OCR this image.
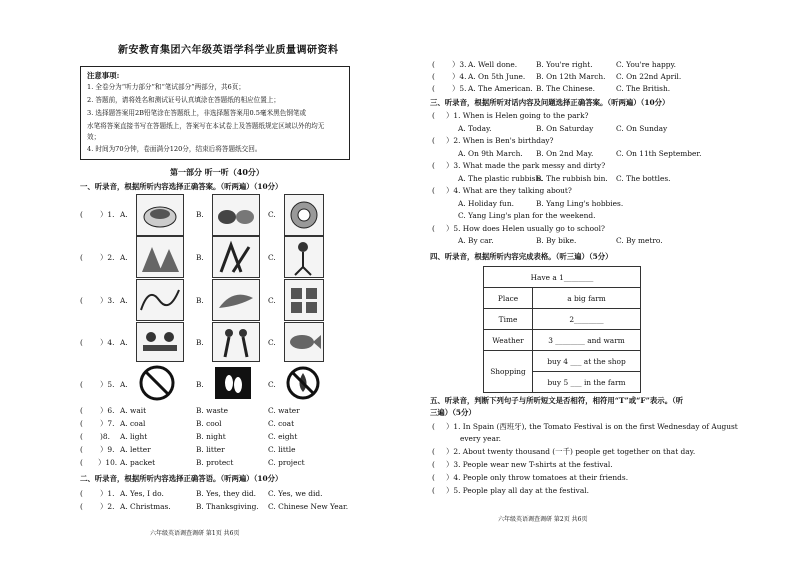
新安教育集团六年级英语学科学业质量调研资料
注意事项:
1. 全卷分为“听力部分”和“笔试部分”两部分，共6页；
2. 答题前，请将姓名和测试证号认真填涂在答题纸的相应位置上；
3. 选择题答案用2B铅笔涂在答题纸上，非选择题答案用0.5毫米黑色钢笔或
水笔将答案直接书写在答题纸上，答案写在本试卷上及答题纸规定区域以外的均无
效；
4. 时间为70分钟，卷面满分120分，结束后将答题纸交回。
第一部分 听一听（40分）
一、听录音，根据所听内容选择正确答案。（听两遍）（10分）
( ）1. A.	B.	C.
( ）2. A.	B.	C.
( ）3. A.	B.	C.
( ）4. A.	B.	C.
( ）5. A.	B.	C.
( ）6. A. wait	B. waste	C. water
( ）7. A. coal	B. cool	C. coat
( )8. A. light	B. night	C. eight
( ）9. A. letter	B. litter	C. little
( ）10. A. packet	B. protect	C. project
二、听录音，根据所听内容选择正确答语。（听两遍）（10分）
( ）1. A. Yes, I do.	B. Yes, they did. C. Yes, we did.
( ）2. A. Christmas.	B. Thanksgiving. C. Chinese New Year.
六年级英语调查调研 第1页 共6页
( ）3. A. Well done.	B. You're right.	C. You're happy.
( ）4. A. On 5th June. B. On 12th March. C. On 22nd April.
( ）5. A. The American. B. The Chinese.	C. The British.
三、听录音，根据所听对话内容及问题选择正确答案。（听两遍）（10分）
( ）1. When is Helen going to the park?
A. Today.	B. On Saturday	C. On Sunday
( ）2. When is Ben's birthday?
A. On 9th March. B. On 2nd May.	C. On 11th September.
( ）3. What made the park messy and dirty?
A. The plastic rubbish.
B. The rubbish bin. C. The bottles.
( ）4. What are they talking about?
A. Holiday fun.	B. Yang Ling's hobbies.
C. Yang Ling's plan for the weekend.
( ）5. How does Helen usually go to school?
A. By car.	B. By bike.	C. By metro.
四、听录音，根据所听内容完成表格。（听三遍）（5分）
Have a 1________	
Place	a big farm
Time	2________
Weather	3 ________ and warm
Shopping	buy 4 ___ at the shop
	buy 5 ___ in the farm
五、听录音，判断下列句子与所听短文是否相符，相符用“T”或“F”表示。（听
三遍）（5分）
( ）1. In Spain (西班牙), the Tomato Festival is on the first Wednesday of August
every year.
( ）2. About twenty thousand (一千) people get together on that day.
( ）3. People wear new T-shirts at the festival.
( ）4. People only throw tomatoes at their friends.
( ）5. People play all day at the festival.
六年级英语调查调研 第2页 共6页
